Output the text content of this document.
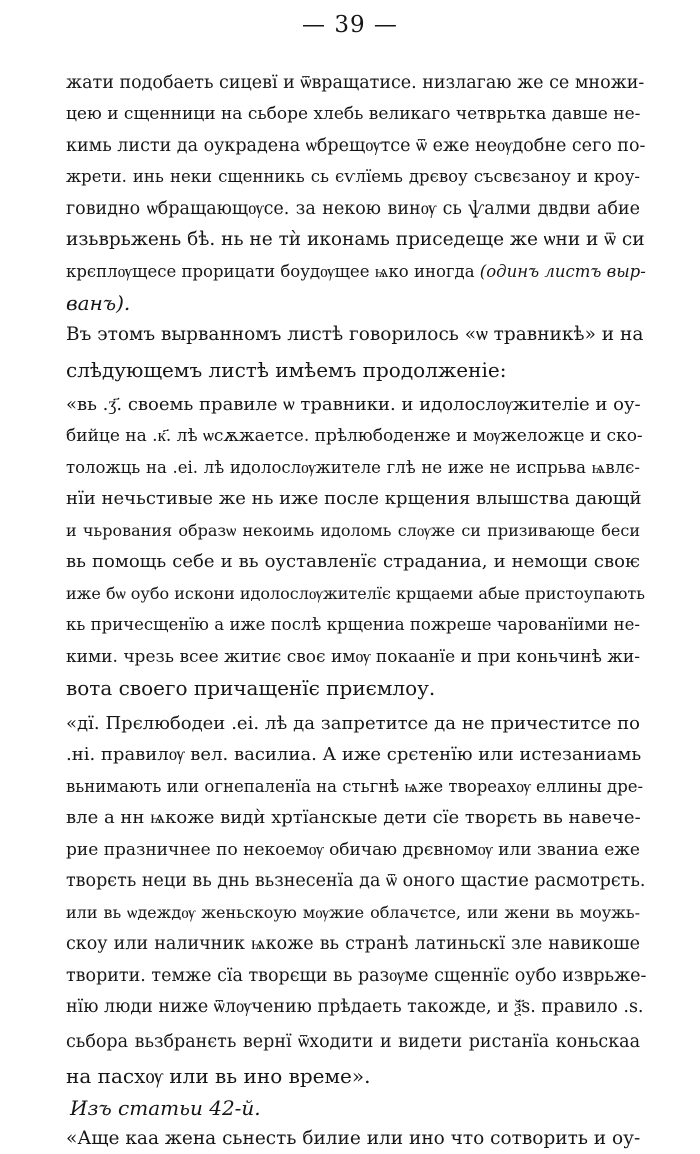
— 39 —
жати подобаеть сицевї и ѿвращатисе. низлагаю же се множи-
цею и сщенници на сьборе хлебь великаго четврьтка давше не-
кимь листи да оукрадена ѡбрещѹтсе ѿ еже неѹдобне сего по-
жрети. инь неки сщенникь сь єѵлїемь дрєвоу съсвєзаноу и кроу-
говидно ѡбращающѹсе. за некою винѹ сь ѱалми двдви абие
изьврьжень бѣ. нь не тѝ иконамь приседеще же ѡни и ѿ си
крєплѹщесе прорицати боудѹщее ѩко иногда (одинъ листъ выр-
ванъ).
Въ этомъ вырванномъ листѣ говорилось «ѡ травникѣ» и на
слѣдующемъ листѣ имѣемъ продолженіе:
«вь .ӡ҃. своемь правиле ѡ травники. и идолослѹжителіе и оу-
бийце на .к҃. лѣ ѡсѫжаетсе. прѣлюбоденже и мѹжеложце и ско-
толожць на .еі. лѣ идолослѹжителе глѣ не иже не испрьва ѩвлє-
нїи нечьстивые же нь иже после крщения влышства дающй
и чьрования образѡ некоимь идоломь слѹже си призивающе беси
вь помощь себе и вь оуставленїє страданиа, и немощи своѥ
иже бѡ оубо искони идолослѹжителїє крщаеми абые пристоупають
кь причесщенїю а иже послѣ крщениа пожреше чарованїими не-
кими. чрезь всее житиє своє имѹ покаанїе и при коньчинѣ жи-
вота своего причащенїє приємлоу.
«дї. Прєлюбодеи .еі. лѣ да запретитсе да не причеститсе по
.ні. правилѹ вел. василиа. А иже срєтенїю или истезаниамь
вьнимають или огнепаленїа на стьгнѣ ѩже твореахѹ еллины дре-
вле а нн ѩкоже видѝ хртїанскые дети сїе творєть вь навече-
рие празничнее по некоемѹ обичаю дрєвномѹ или званиа еже
творєть неци вь днь вьзнесенїа да ѿ оного щастие расмотрєть.
или вь ѡдеждѹ женьскоую мѹжие облачєтсе, или жени вь моужь-
скоу или наличник ѩкоже вь странѣ латиньскї зле навикоше
творити. темже сїа творєщи вь разѹме сщеннїє оубо изврьже-
нїю люди ниже ѿлѹчению прѣдаеть такожде, и ѯ҃s. правило .ѕ.
сьбора вьзбранєть вернї ѿходити и видети ристанїа коньскаа
на пасхѹ или вь ино време».
Изъ статьи 42-й.
«Аще каа жена сьнесть билие или ино что сотворить и оу-
